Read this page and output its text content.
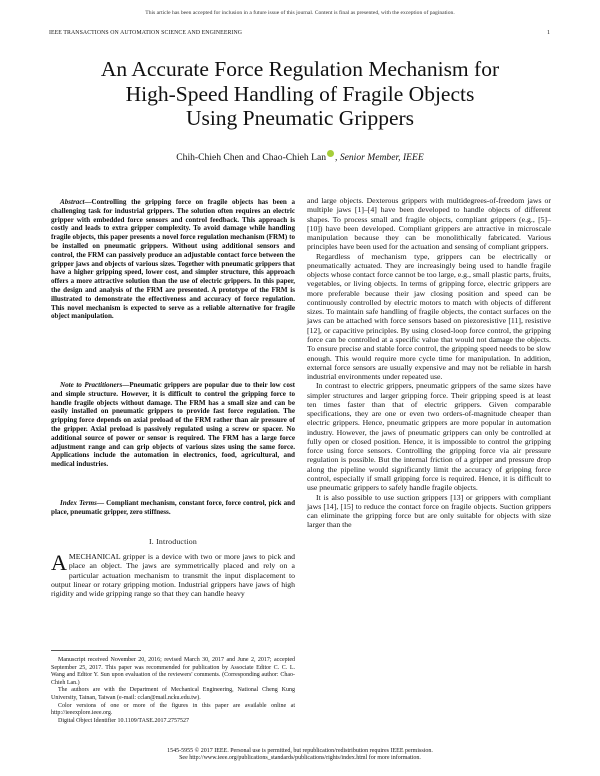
This article has been accepted for inclusion in a future issue of this journal. Content is final as presented, with the exception of pagination.
IEEE TRANSACTIONS ON AUTOMATION SCIENCE AND ENGINEERING	1
An Accurate Force Regulation Mechanism for
High-Speed Handling of Fragile Objects
Using Pneumatic Grippers
Chih-Chieh Chen and Chao-Chieh Lan , Senior Member, IEEE

Abstract—Controlling the gripping force on fragile objects has been a challenging task for industrial grippers. The solution often requires an electric gripper with embedded force sensors and control feedback. This approach is costly and leads to extra gripper complexity. To avoid damage while handling fragile objects, this paper presents a novel force regulation mechanism (FRM) to be installed on pneumatic grippers. Without using additional sensors and control, the FRM can passively produce an adjustable contact force between the gripper jaws and objects of various sizes. Together with pneumatic grippers that have a higher gripping speed, lower cost, and simpler structure, this approach offers a more attractive solution than the use of electric grippers. In this paper, the design and analysis of the FRM are presented. A prototype of the FRM is illustrated to demonstrate the effectiveness and accuracy of force regulation. This novel mechanism is expected to serve as a reliable alternative for fragile object manipulation.

Note to Practitioners—Pneumatic grippers are popular due to their low cost and simple structure. However, it is difficult to control the gripping force to handle fragile objects without damage. The FRM has a small size and can be easily installed on pneumatic grippers to provide fast force regulation. The gripping force depends on axial preload of the FRM rather than air pressure of the gripper. Axial preload is passively regulated using a screw or spacer. No additional source of power or sensor is required. The FRM has a large force adjustment range and can grip objects of various sizes using the same force. Applications include the automation in electronics, food, agricultural, and medical industries.

Index Terms— Compliant mechanism, constant force, force control, pick and place, pneumatic gripper, zero stiffness.

I. Introduction

AMECHANICAL gripper is a device with two or more jaws to pick and place an object. The jaws are symmetrically placed and rely on a particular actuation mechanism to transmit the input displacement to output linear or rotary gripping motion. Industrial grippers have jaws of high rigidity and wide gripping range so that they can handle heavy

Manuscript received November 20, 2016; revised March 30, 2017 and June 2, 2017; accepted September 25, 2017. This paper was recommended for publication by Associate Editor C. C. L. Wang and Editor Y. Sun upon evaluation of the reviewers' comments. (Corresponding author: Chao-Chieh Lan.)

The authors are with the Department of Mechanical Engineering, National Cheng Kung University, Tainan, Taiwan (e-mail: cclan@mail.ncku.edu.tw).

Color versions of one or more of the figures in this paper are available online at http://ieeexplore.ieee.org.

Digital Object Identifier 10.1109/TASE.2017.2757527

and large objects. Dexterous grippers with multidegrees-of-freedom jaws or multiple jaws [1]–[4] have been developed to handle objects of different shapes. To process small and fragile objects, compliant grippers (e.g., [5]–[10]) have been developed. Compliant grippers are attractive in microscale manipulation because they can be monolithically fabricated. Various principles have been used for the actuation and sensing of compliant grippers.

Regardless of mechanism type, grippers can be electrically or pneumatically actuated. They are increasingly being used to handle fragile objects whose contact force cannot be too large, e.g., small plastic parts, fruits, vegetables, or living objects. In terms of gripping force, electric grippers are more preferable because their jaw closing position and speed can be continuously controlled by electric motors to match with objects of different sizes. To maintain safe handling of fragile objects, the contact surfaces on the jaws can be attached with force sensors based on piezoresistive [11], resistive [12], or capacitive principles. By using closed-loop force control, the gripping force can be controlled at a specific value that would not damage the objects. To ensure precise and stable force control, the gripping speed needs to be slow enough. This would require more cycle time for manipulation. In addition, external force sensors are usually expensive and may not be reliable in harsh industrial environments under repeated use.

In contrast to electric grippers, pneumatic grippers of the same sizes have simpler structures and larger gripping force. Their gripping speed is at least ten times faster than that of electric grippers. Given comparable specifications, they are one or even two orders-of-magnitude cheaper than electric grippers. Hence, pneumatic grippers are more popular in automation industry. However, the jaws of pneumatic grippers can only be controlled at fully open or closed position. Hence, it is impossible to control the gripping force using force sensors. Controlling the gripping force via air pressure regulation is possible. But the internal friction of a gripper and pressure drop along the pipeline would significantly limit the accuracy of gripping force control, especially if small gripping force is required. Hence, it is difficult to use pneumatic grippers to safely handle fragile objects.

It is also possible to use suction grippers [13] or grippers with compliant jaws [14], [15] to reduce the contact force on fragile objects. Suction grippers can eliminate the gripping force but are only suitable for objects with size larger than the

1545-5955 © 2017 IEEE. Personal use is permitted, but republication/redistribution requires IEEE permission.
See http://www.ieee.org/publications_standards/publications/rights/index.html for more information.
